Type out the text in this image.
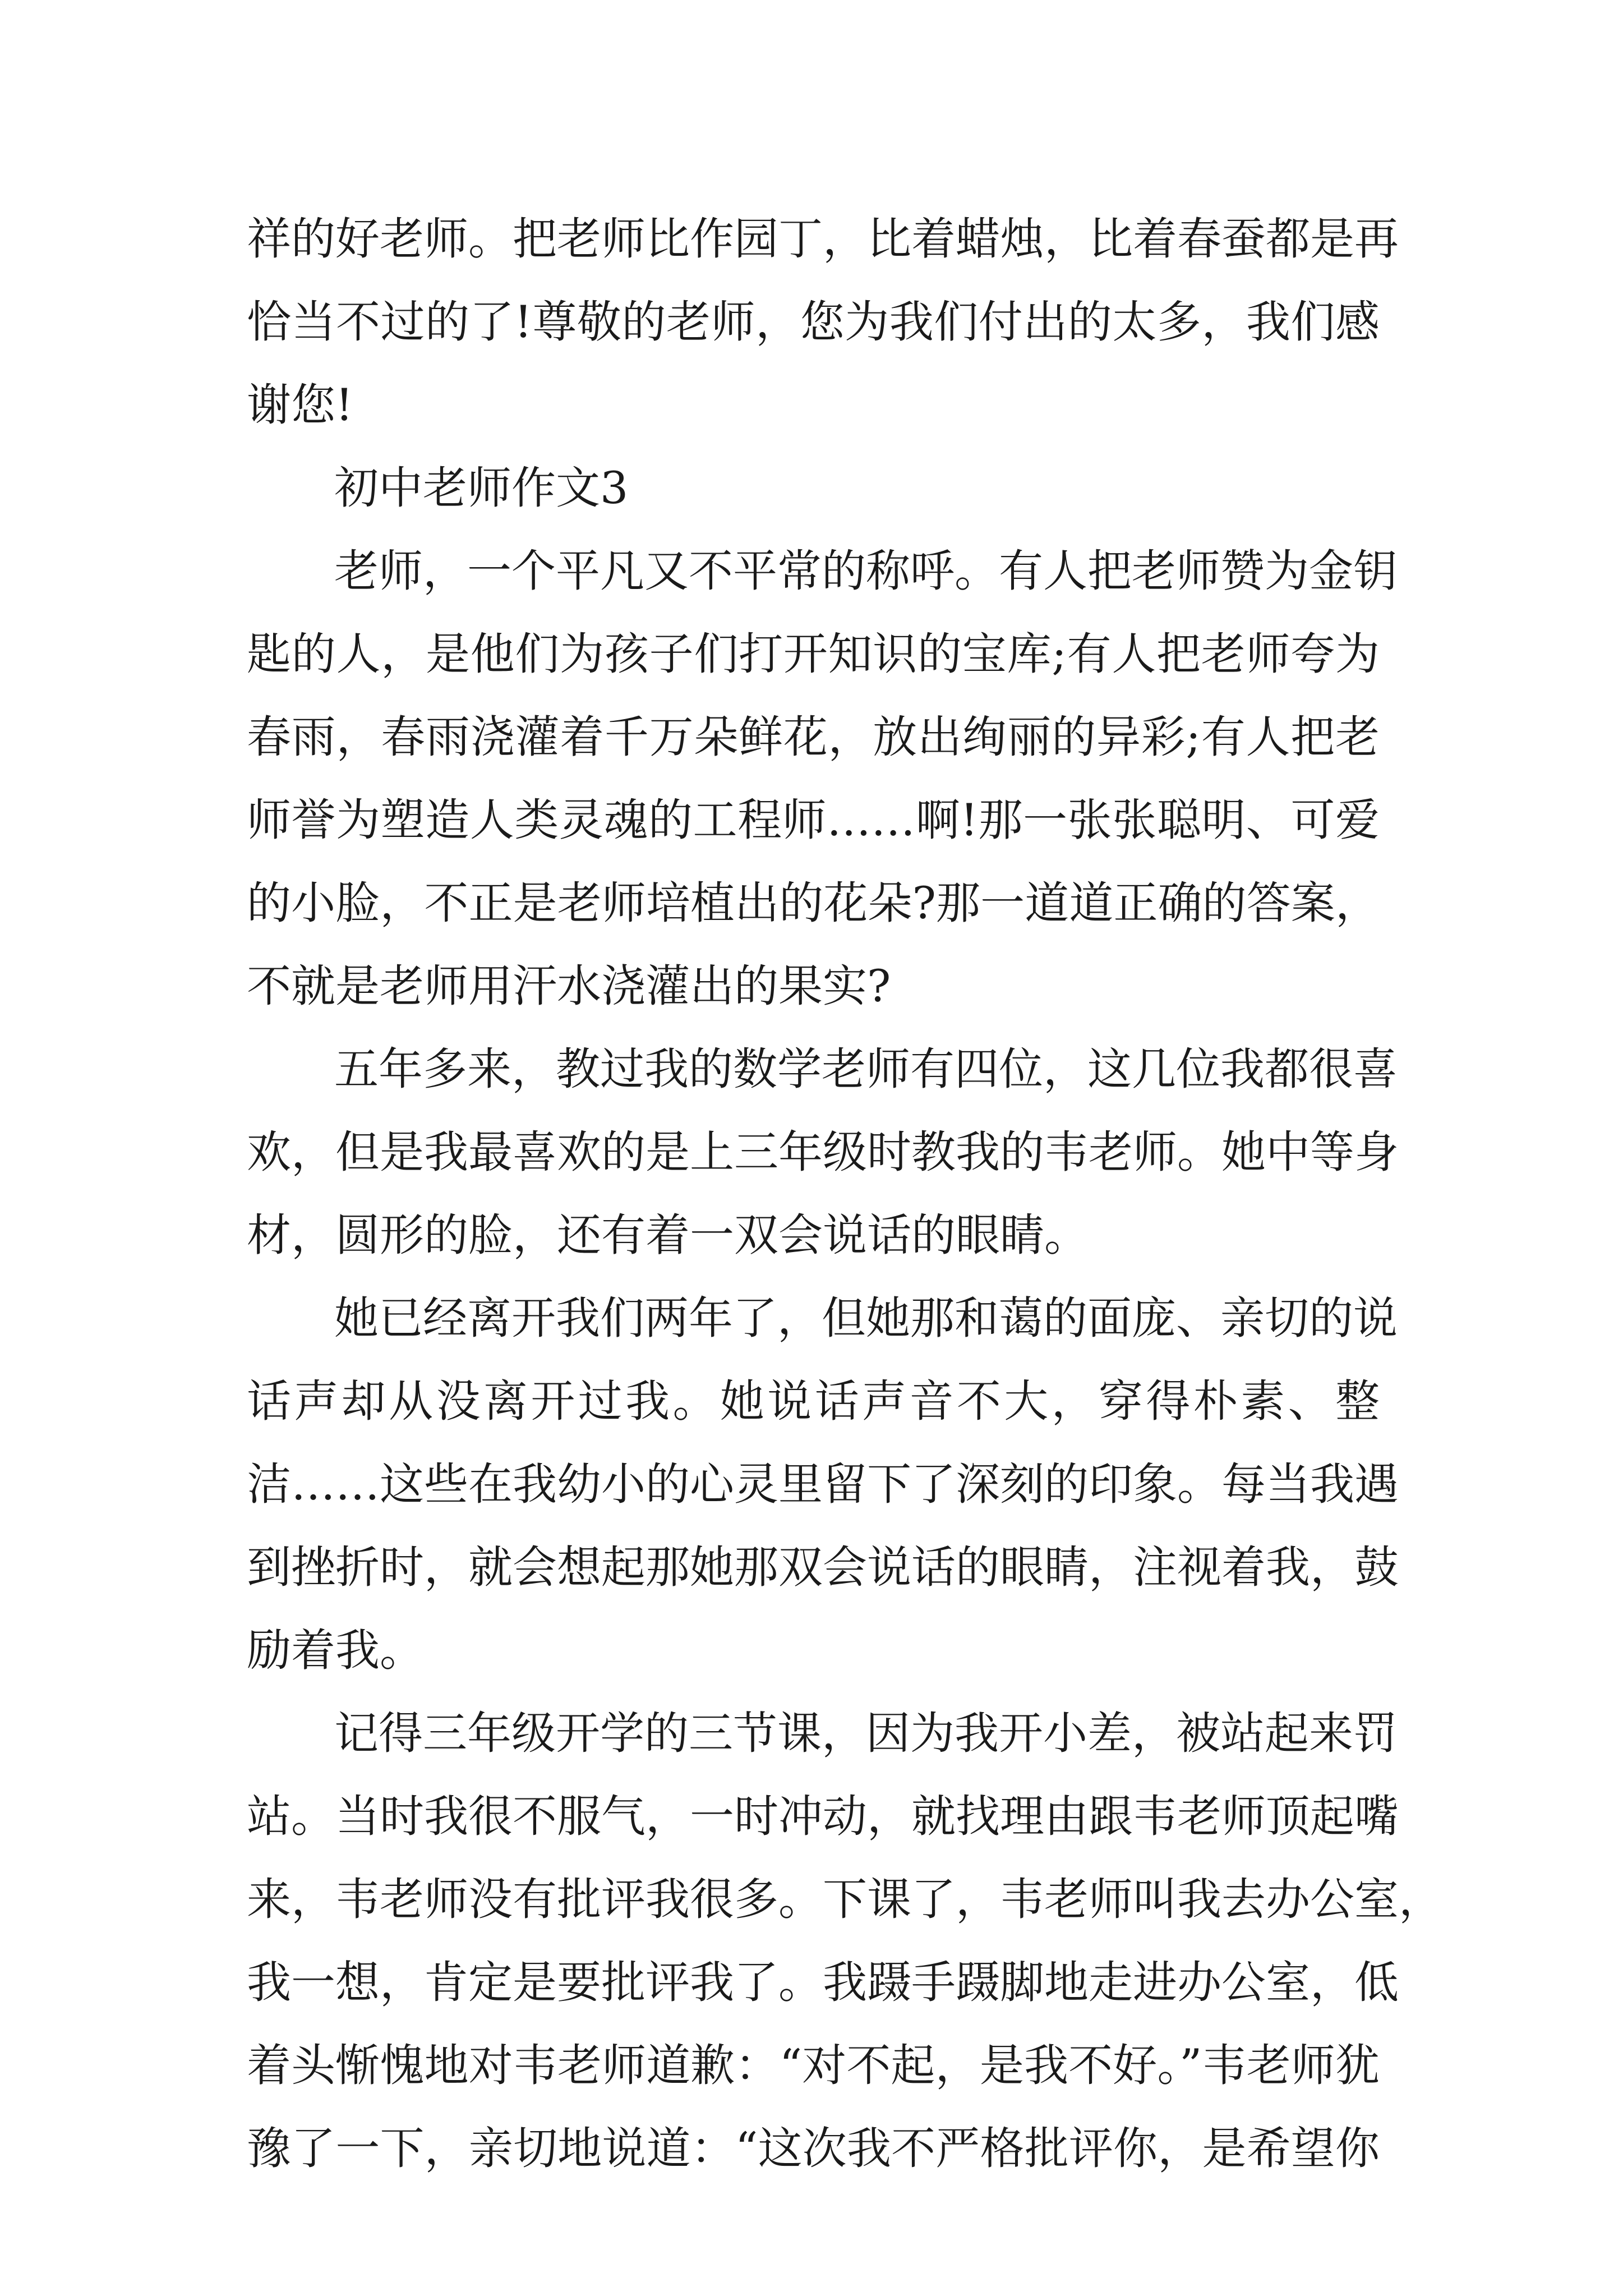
祥的好老师。把老师比作园丁，比着蜡烛，比着春蚕都是再
恰当不过的了!尊敬的老师，您为我们付出的太多，我们感
谢您!
初中老师作文3
老师，一个平凡又不平常的称呼。有人把老师赞为金钥
匙的人，是他们为孩子们打开知识的宝库;有人把老师夸为
春雨，春雨浇灌着千万朵鲜花，放出绚丽的异彩;有人把老
师誉为塑造人类灵魂的工程师……啊!那一张张聪明、可爱
的小脸，不正是老师培植出的花朵?那一道道正确的答案，
不就是老师用汗水浇灌出的果实?
五年多来，教过我的数学老师有四位，这几位我都很喜
欢，但是我最喜欢的是上三年级时教我的韦老师。她中等身
材，圆形的脸，还有着一双会说话的眼睛。
她已经离开我们两年了，但她那和蔼的面庞、亲切的说
话声却从没离开过我。她说话声音不大，穿得朴素、整
洁……这些在我幼小的心灵里留下了深刻的印象。每当我遇
到挫折时，就会想起那她那双会说话的眼睛，注视着我，鼓
励着我。
记得三年级开学的三节课，因为我开小差，被站起来罚
站。当时我很不服气，一时冲动，就找理由跟韦老师顶起嘴
来，韦老师没有批评我很多。下课了，韦老师叫我去办公室，
我一想，肯定是要批评我了。我蹑手蹑脚地走进办公室，低
着头惭愧地对韦老师道歉：“对不起，是我不好。”韦老师犹
豫了一下，亲切地说道：“这次我不严格批评你，是希望你
